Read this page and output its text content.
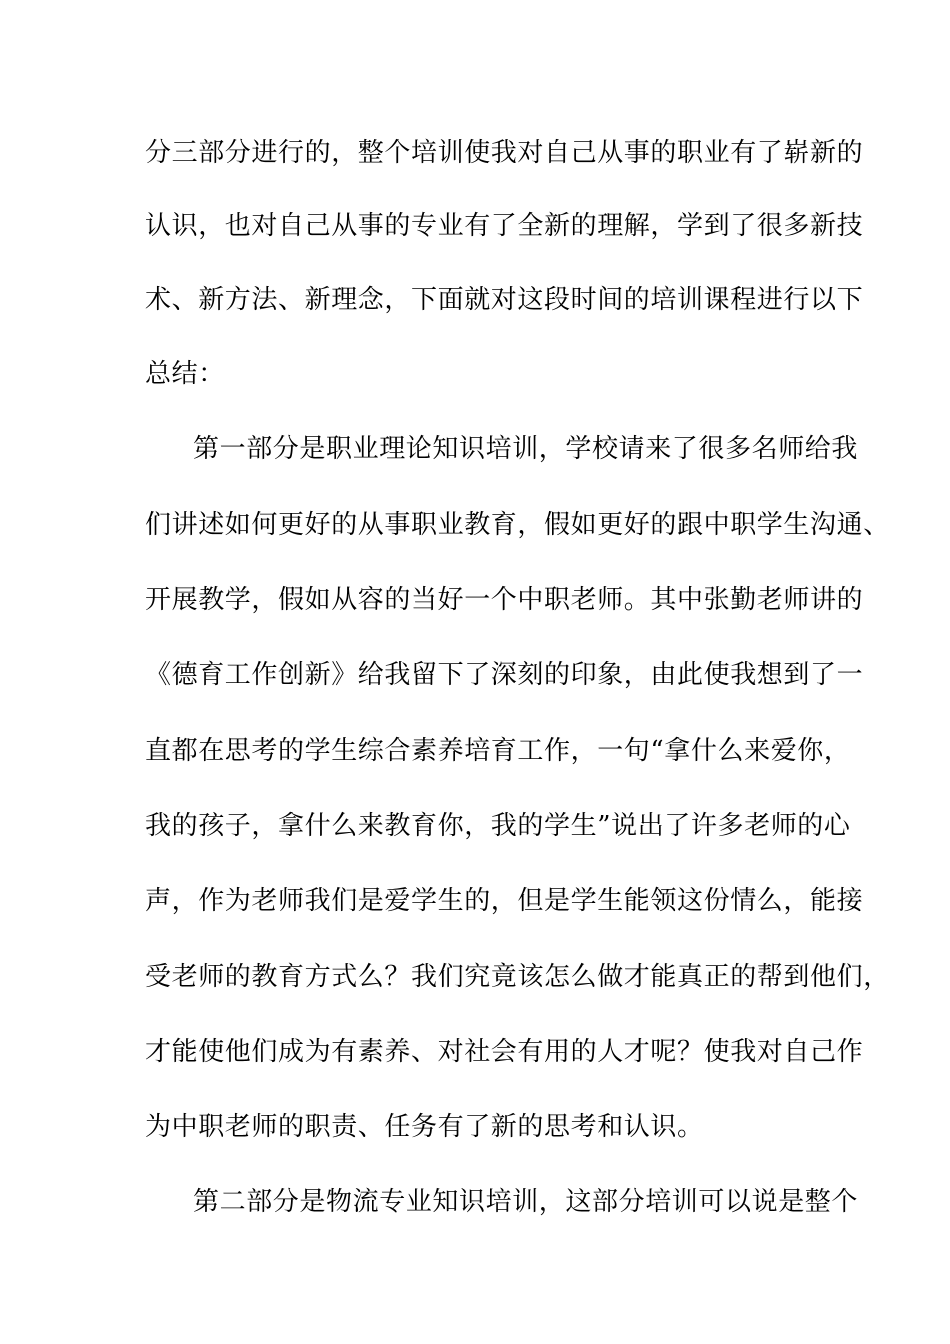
分三部分进行的，整个培训使我对自己从事的职业有了崭新的
认识，也对自己从事的专业有了全新的理解，学到了很多新技
术、新方法、新理念，下面就对这段时间的培训课程进行以下
总结：
第一部分是职业理论知识培训，学校请来了很多名师给我
们讲述如何更好的从事职业教育，假如更好的跟中职学生沟通、
开展教学，假如从容的当好一个中职老师。其中张勤老师讲的
《德育工作创新》给我留下了深刻的印象，由此使我想到了一
直都在思考的学生综合素养培育工作，一句“拿什么来爱你，
我的孩子，拿什么来教育你，我的学生”说出了许多老师的心
声，作为老师我们是爱学生的，但是学生能领这份情么，能接
受老师的教育方式么？我们究竟该怎么做才能真正的帮到他们，
才能使他们成为有素养、对社会有用的人才呢？使我对自己作
为中职老师的职责、任务有了新的思考和认识。
第二部分是物流专业知识培训，这部分培训可以说是整个
